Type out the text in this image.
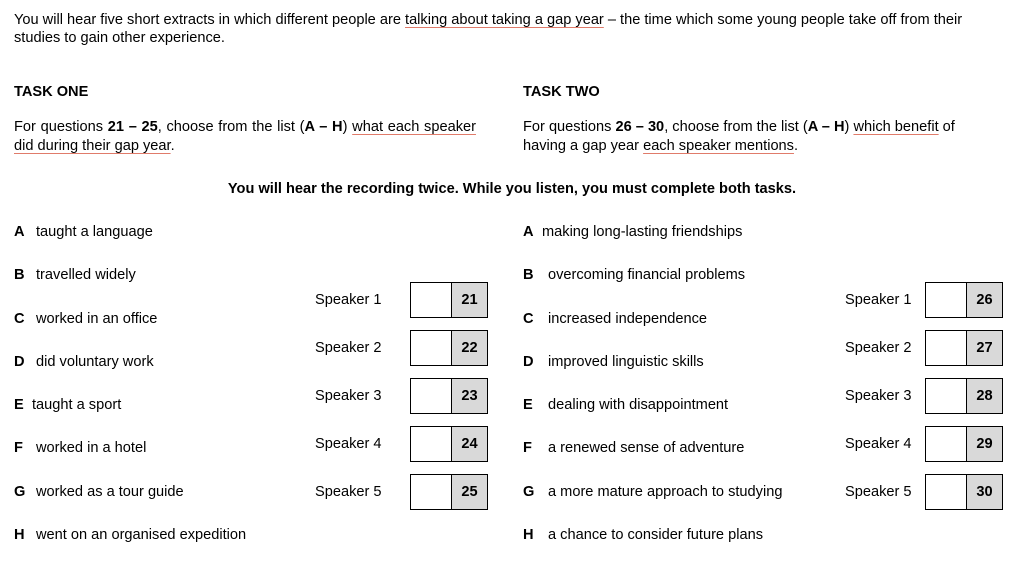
You will hear five short extracts in which different people are talking about taking a gap year – the time which some young people take off from their studies to gain other experience.
TASK ONE
For questions 21 – 25, choose from the list (A – H) what each speaker did during their gap year.
TASK TWO
For questions 26 – 30, choose from the list (A – H) which benefit of having a gap year each speaker mentions.
You will hear the recording twice. While you listen, you must complete both tasks.
A taught a language
B travelled widely
C worked in an office
D did voluntary work
E taught a sport
F worked in a hotel
G worked as a tour guide
H went on an organised expedition
Speaker 1	21
Speaker 2	22
Speaker 3	23
Speaker 4	24
Speaker 5	25
A making long-lasting friendships
B overcoming financial problems
C increased independence
D improved linguistic skills
E dealing with disappointment
F a renewed sense of adventure
G a more mature approach to studying
H a chance to consider future plans
Speaker 1	26
Speaker 2	27
Speaker 3	28
Speaker 4	29
Speaker 5	30
